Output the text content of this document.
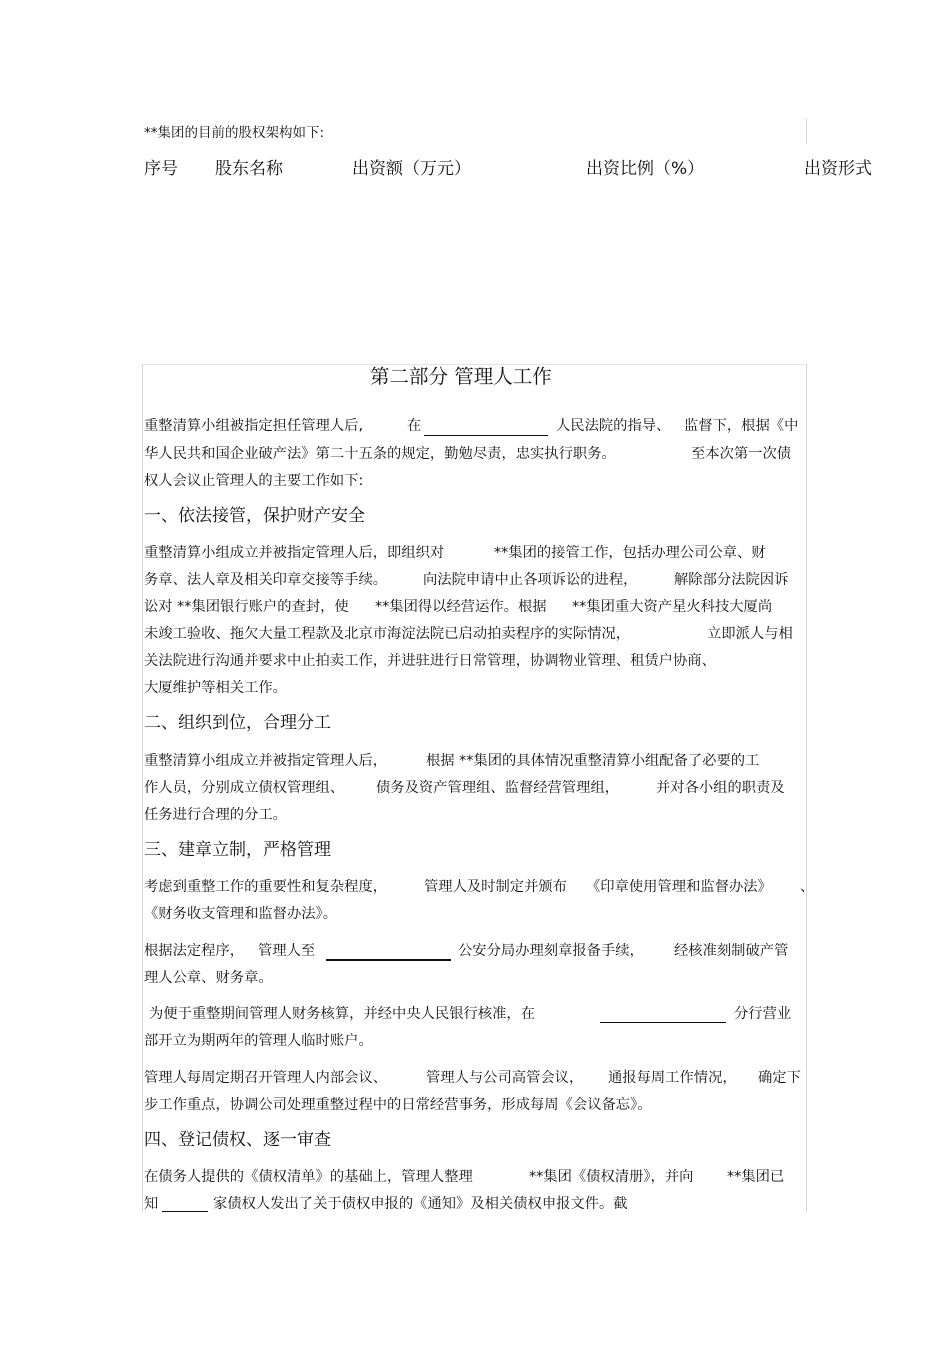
**集团的目前的股权架构如下:
序号 股东名称	出资额（万元）	出资比例（%）	出资形式
第二部分 管理人工作
重整清算小组被指定担任管理人后,	在	人民法院的指导、 监督下，根据《中
华人民共和国企业破产法》第二十五条的规定，勤勉尽责，忠实执行职务。	至本次第一次债
权人会议止管理人的主要工作如下:
一、依法接管，保护财产安全
重整清算小组成立并被指定管理人后，即组织对	**集团的接管工作，包括办理公司公章、财
务章、法人章及相关印章交接等手续。	向法院申请中止各项诉讼的进程，	解除部分法院因诉
讼对 **集团银行账户的查封，使 **集团得以经营运作。根据 **集团重大资产星火科技大厦尚
未竣工验收、拖欠大量工程款及北京市海淀法院已启动拍卖程序的实际情况，	立即派人与相
关法院进行沟通并要求中止拍卖工作，并进驻进行日常管理，协调物业管理、租赁户协商、
大厦维护等相关工作。
二、组织到位，合理分工
重整清算小组成立并被指定管理人后，	根据 **集团的具体情况重整清算小组配备了必要的工
作人员，分别成立债权管理组、 债务及资产管理组、监督经营管理组，	并对各小组的职责及
任务进行合理的分工。
三、建章立制，严格管理
考虑到重整工作的重要性和复杂程度，	管理人及时制定并颁布 《印章使用管理和监督办法》 、
《财务收支管理和监督办法》。
根据法定程序， 管理人至	公安分局办理刻章报备手续， 经核准刻制破产管
理人公章、财务章。
为便于重整期间管理人财务核算，并经中央人民银行核准，在	分行营业
部开立为期两年的管理人临时账户。
管理人每周定期召开管理人内部会议、	管理人与公司高管会议， 通报每周工作情况， 确定下
步工作重点，协调公司处理重整过程中的日常经营事务，形成每周《会议备忘》。
四、登记债权、逐一审查
在债务人提供的《债权清单》的基础上，管理人整理	**集团《债权清册》，并向 **集团已
知	家债权人发出了关于债权申报的《通知》及相关债权申报文件。截
